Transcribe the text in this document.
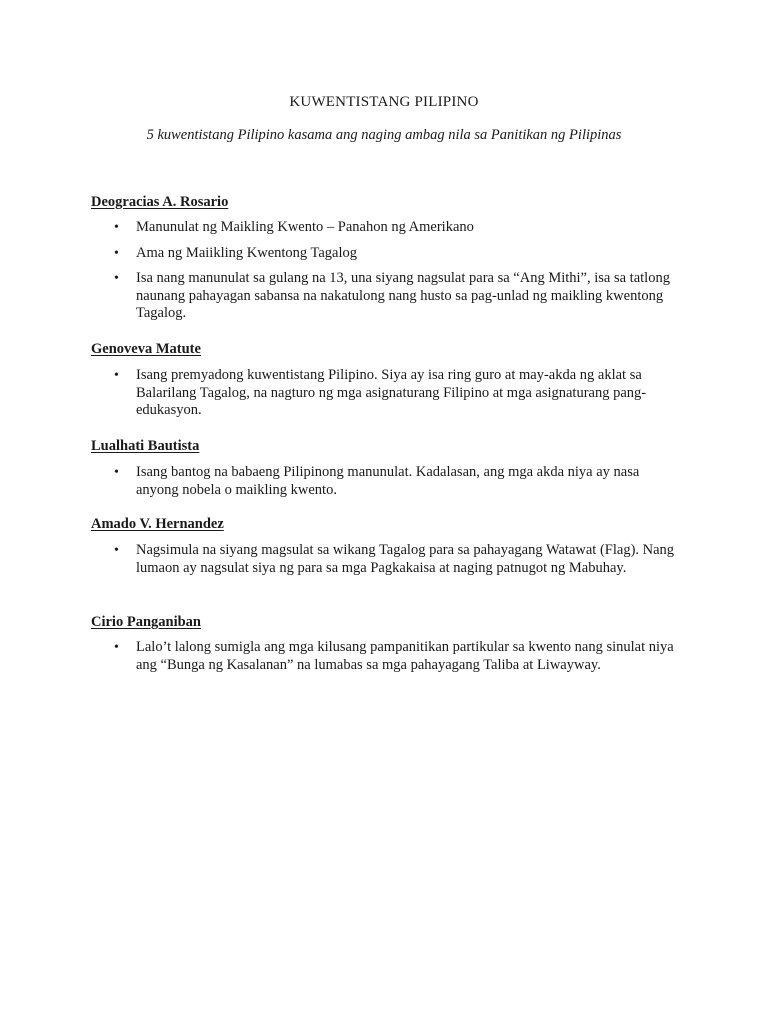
KUWENTISTANG PILIPINO
5 kuwentistang Pilipino kasama ang naging ambag nila sa Panitikan ng Pilipinas
Deogracias A. Rosario
• Manunulat ng Maikling Kwento – Panahon ng Amerikano
• Ama ng Maiikling Kwentong Tagalog
• Isa nang manunulat sa gulang na 13, una siyang nagsulat para sa “Ang Mithi”, isa sa tatlong naunang pahayagan sabansa na nakatulong nang husto sa pag-unlad ng maikling kwentong Tagalog.
Genoveva Matute
• Isang premyadong kuwentistang Pilipino. Siya ay isa ring guro at may-akda ng aklat sa Balarilang Tagalog, na nagturo ng mga asignaturang Filipino at mga asignaturang pang-edukasyon.
Lualhati Bautista
• Isang bantog na babaeng Pilipinong manunulat. Kadalasan, ang mga akda niya ay nasa anyong nobela o maikling kwento.
Amado V. Hernandez
• Nagsimula na siyang magsulat sa wikang Tagalog para sa pahayagang Watawat (Flag). Nang lumaon ay nagsulat siya ng para sa mga Pagkakaisa at naging patnugot ng Mabuhay.
Cirio Panganiban
• Lalo’t lalong sumigla ang mga kilusang pampanitikan partikular sa kwento nang sinulat niya ang “Bunga ng Kasalanan” na lumabas sa mga pahayagang Taliba at Liwayway.
